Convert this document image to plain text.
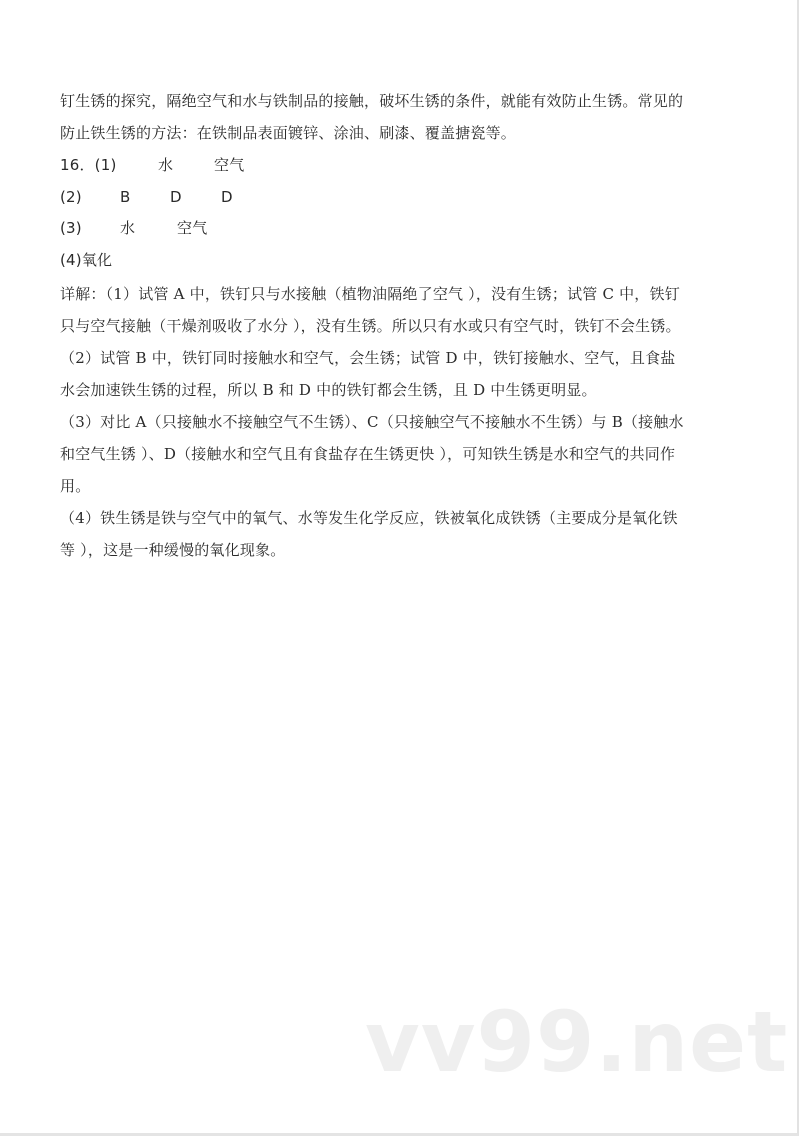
钉生锈的探究，隔绝空气和水与铁制品的接触，破坏生锈的条件，就能有效防止生锈。常见的
防止铁生锈的方法：在铁制品表面镀锌、涂油、刷漆、覆盖搪瓷等。
16．(1)	水	空气
(2)	B	D	D
(3)	水	空气
(4)氧化
详解：（1）试管 A 中，铁钉只与水接触（植物油隔绝了空气 ），没有生锈；试管 C 中，铁钉
只与空气接触（干燥剂吸收了水分 ），没有生锈。所以只有水或只有空气时，铁钉不会生锈。
（2）试管 B 中，铁钉同时接触水和空气，会生锈；试管 D 中，铁钉接触水、空气，且食盐
水会加速铁生锈的过程，所以 B 和 D 中的铁钉都会生锈，且 D 中生锈更明显。
（3）对比 A（只接触水不接触空气不生锈）、C（只接触空气不接触水不生锈）与 B（接触水
和空气生锈 ）、D（接触水和空气且有食盐存在生锈更快 ），可知铁生锈是水和空气的共同作
用。
（4）铁生锈是铁与空气中的氧气、水等发生化学反应，铁被氧化成铁锈（主要成分是氧化铁
等 ），这是一种缓慢的氧化现象。
vv99.net
